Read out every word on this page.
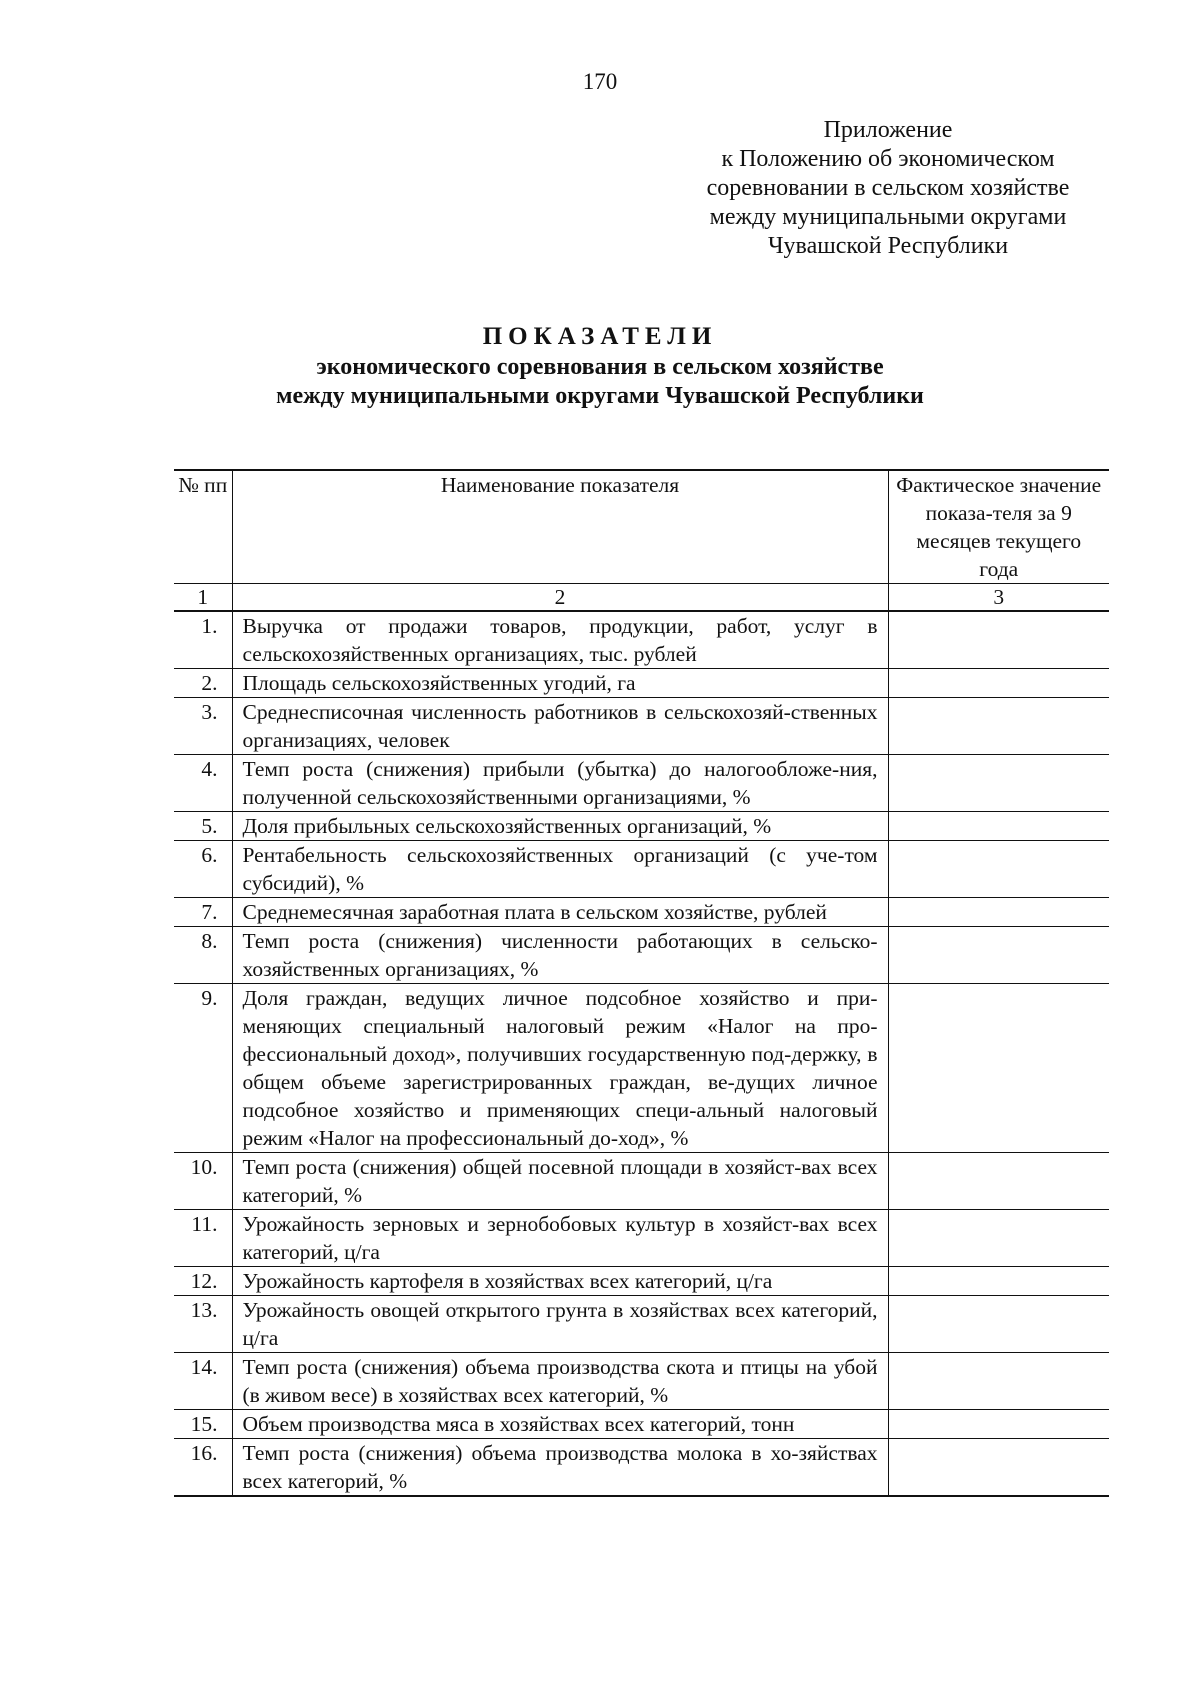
170
Приложение
к Положению об экономическом
соревновании в сельском хозяйстве
между муниципальными округами
Чувашской Республики
ПОКАЗАТЕЛИ
экономического соревнования в сельском хозяйстве
между муниципальными округами Чувашской Республики
№ пп	Наименование показателя	Фактическое значение показа-теля за 9 месяцев текущего года
1	2	3
1.	Выручка от продажи товаров, продукции, работ, услуг в сельскохозяйственных организациях, тыс. рублей	
2.	Площадь сельскохозяйственных угодий, га	
3.	Среднесписочная численность работников в сельскохозяй-ственных организациях, человек	
4.	Темп роста (снижения) прибыли (убытка) до налогообложе-ния, полученной сельскохозяйственными организациями, %	
5.	Доля прибыльных сельскохозяйственных организаций, %	
6.	Рентабельность сельскохозяйственных организаций (с уче-том субсидий), %	
7.	Среднемесячная заработная плата в сельском хозяйстве, рублей	
8.	Темп роста (снижения) численности работающих в сельско-хозяйственных организациях, %	
9.	Доля граждан, ведущих личное подсобное хозяйство и при-меняющих специальный налоговый режим «Налог на про-фессиональный доход», получивших государственную под-держку, в общем объеме зарегистрированных граждан, ве-дущих личное подсобное хозяйство и применяющих специ-альный налоговый режим «Налог на профессиональный до-ход», %	
10.	Темп роста (снижения) общей посевной площади в хозяйст-вах всех категорий, %	
11.	Урожайность зерновых и зернобобовых культур в хозяйст-вах всех категорий, ц/га	
12.	Урожайность картофеля в хозяйствах всех категорий, ц/га	
13.	Урожайность овощей открытого грунта в хозяйствах всех категорий, ц/га	
14.	Темп роста (снижения) объема производства скота и птицы на убой (в живом весе) в хозяйствах всех категорий, %	
15.	Объем производства мяса в хозяйствах всех категорий, тонн	
16.	Темп роста (снижения) объема производства молока в хо-зяйствах всех категорий, %	
